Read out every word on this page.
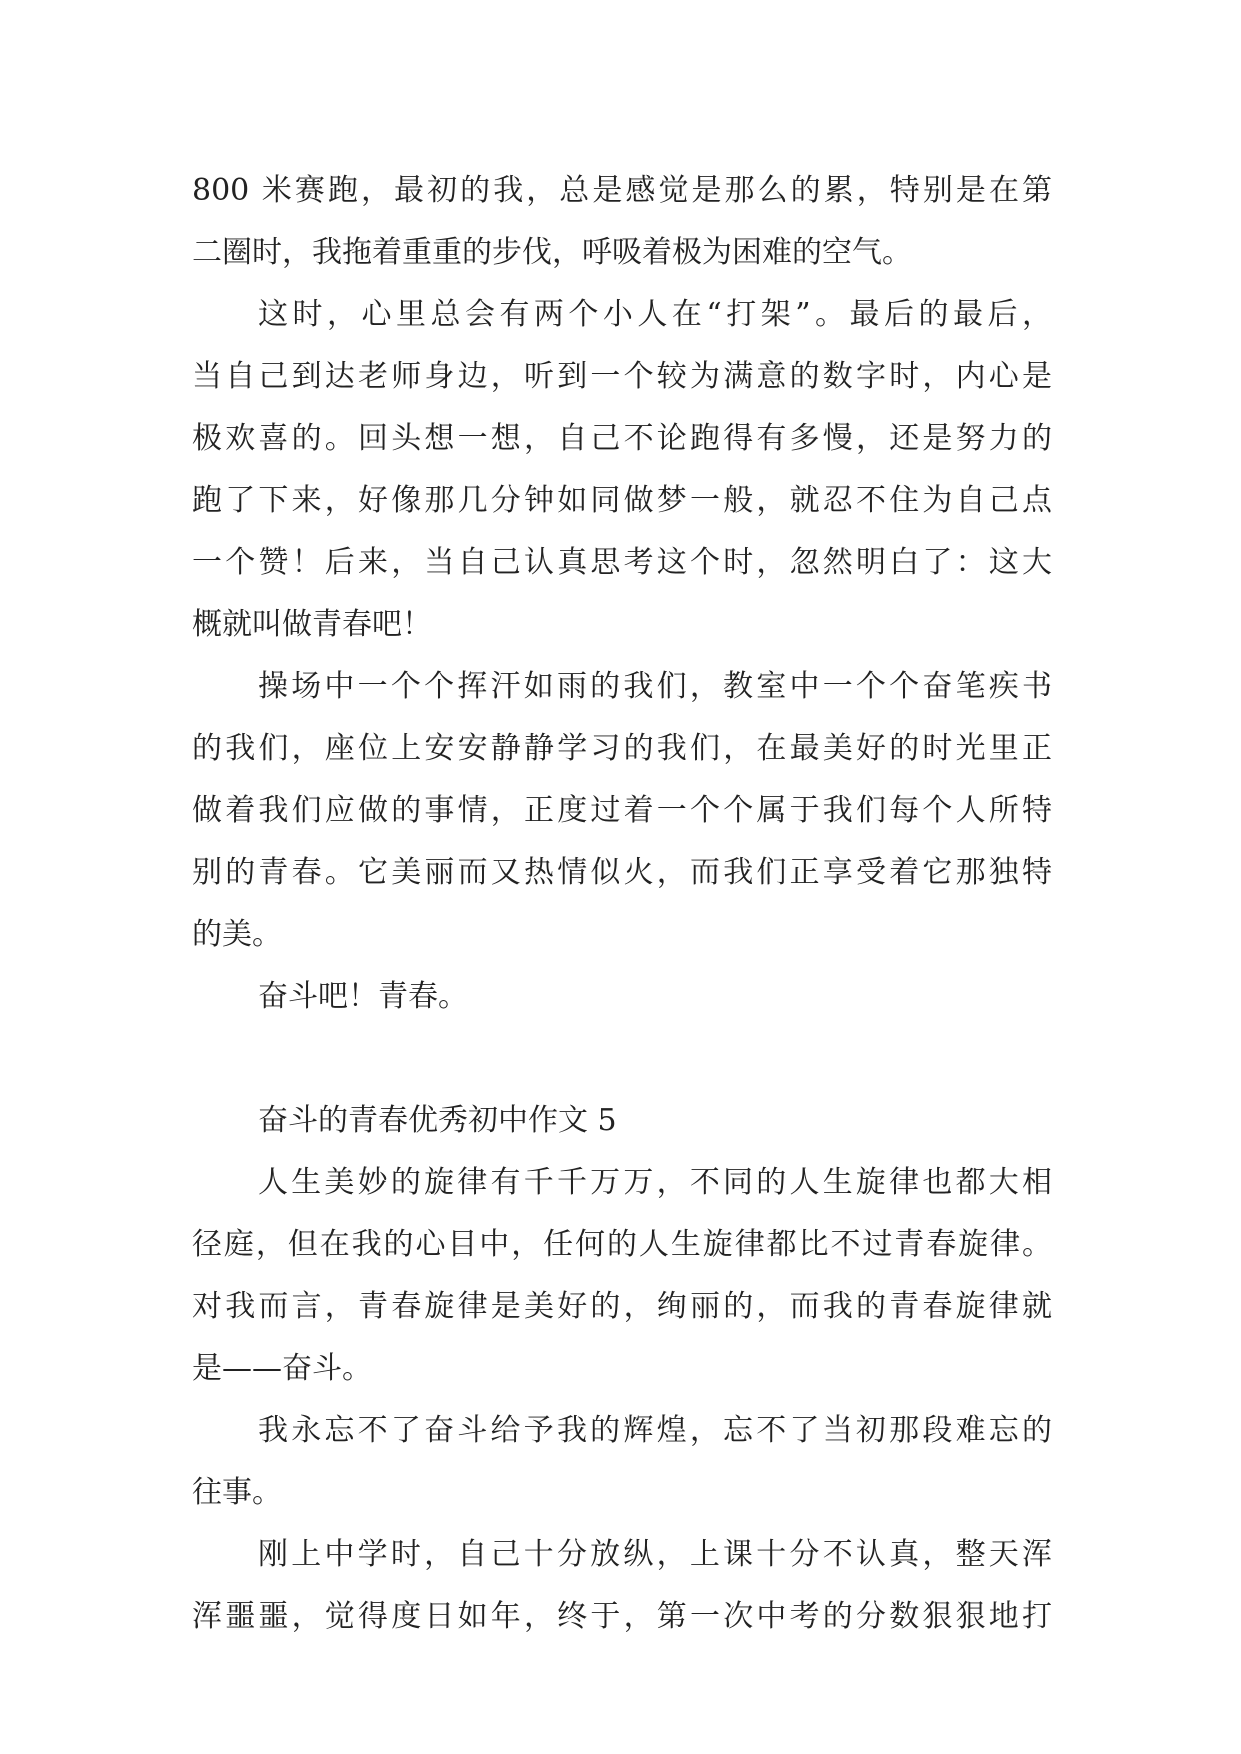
800 米赛跑，最初的我，总是感觉是那么的累，特别是在第
二圈时，我拖着重重的步伐，呼吸着极为困难的空气。
这时，心里总会有两个小人在“打架”。最后的最后，
当自己到达老师身边，听到一个较为满意的数字时，内心是
极欢喜的。回头想一想，自己不论跑得有多慢，还是努力的
跑了下来，好像那几分钟如同做梦一般，就忍不住为自己点
一个赞！后来，当自己认真思考这个时，忽然明白了：这大
概就叫做青春吧！
操场中一个个挥汗如雨的我们，教室中一个个奋笔疾书
的我们，座位上安安静静学习的我们，在最美好的时光里正
做着我们应做的事情，正度过着一个个属于我们每个人所特
别的青春。它美丽而又热情似火，而我们正享受着它那独特
的美。
奋斗吧！青春。
奋斗的青春优秀初中作文 5
人生美妙的旋律有千千万万，不同的人生旋律也都大相
径庭，但在我的心目中，任何的人生旋律都比不过青春旋律。
对我而言，青春旋律是美好的，绚丽的，而我的青春旋律就
是——奋斗。
我永忘不了奋斗给予我的辉煌，忘不了当初那段难忘的
往事。
刚上中学时，自己十分放纵，上课十分不认真，整天浑
浑噩噩，觉得度日如年，终于，第一次中考的分数狠狠地打
